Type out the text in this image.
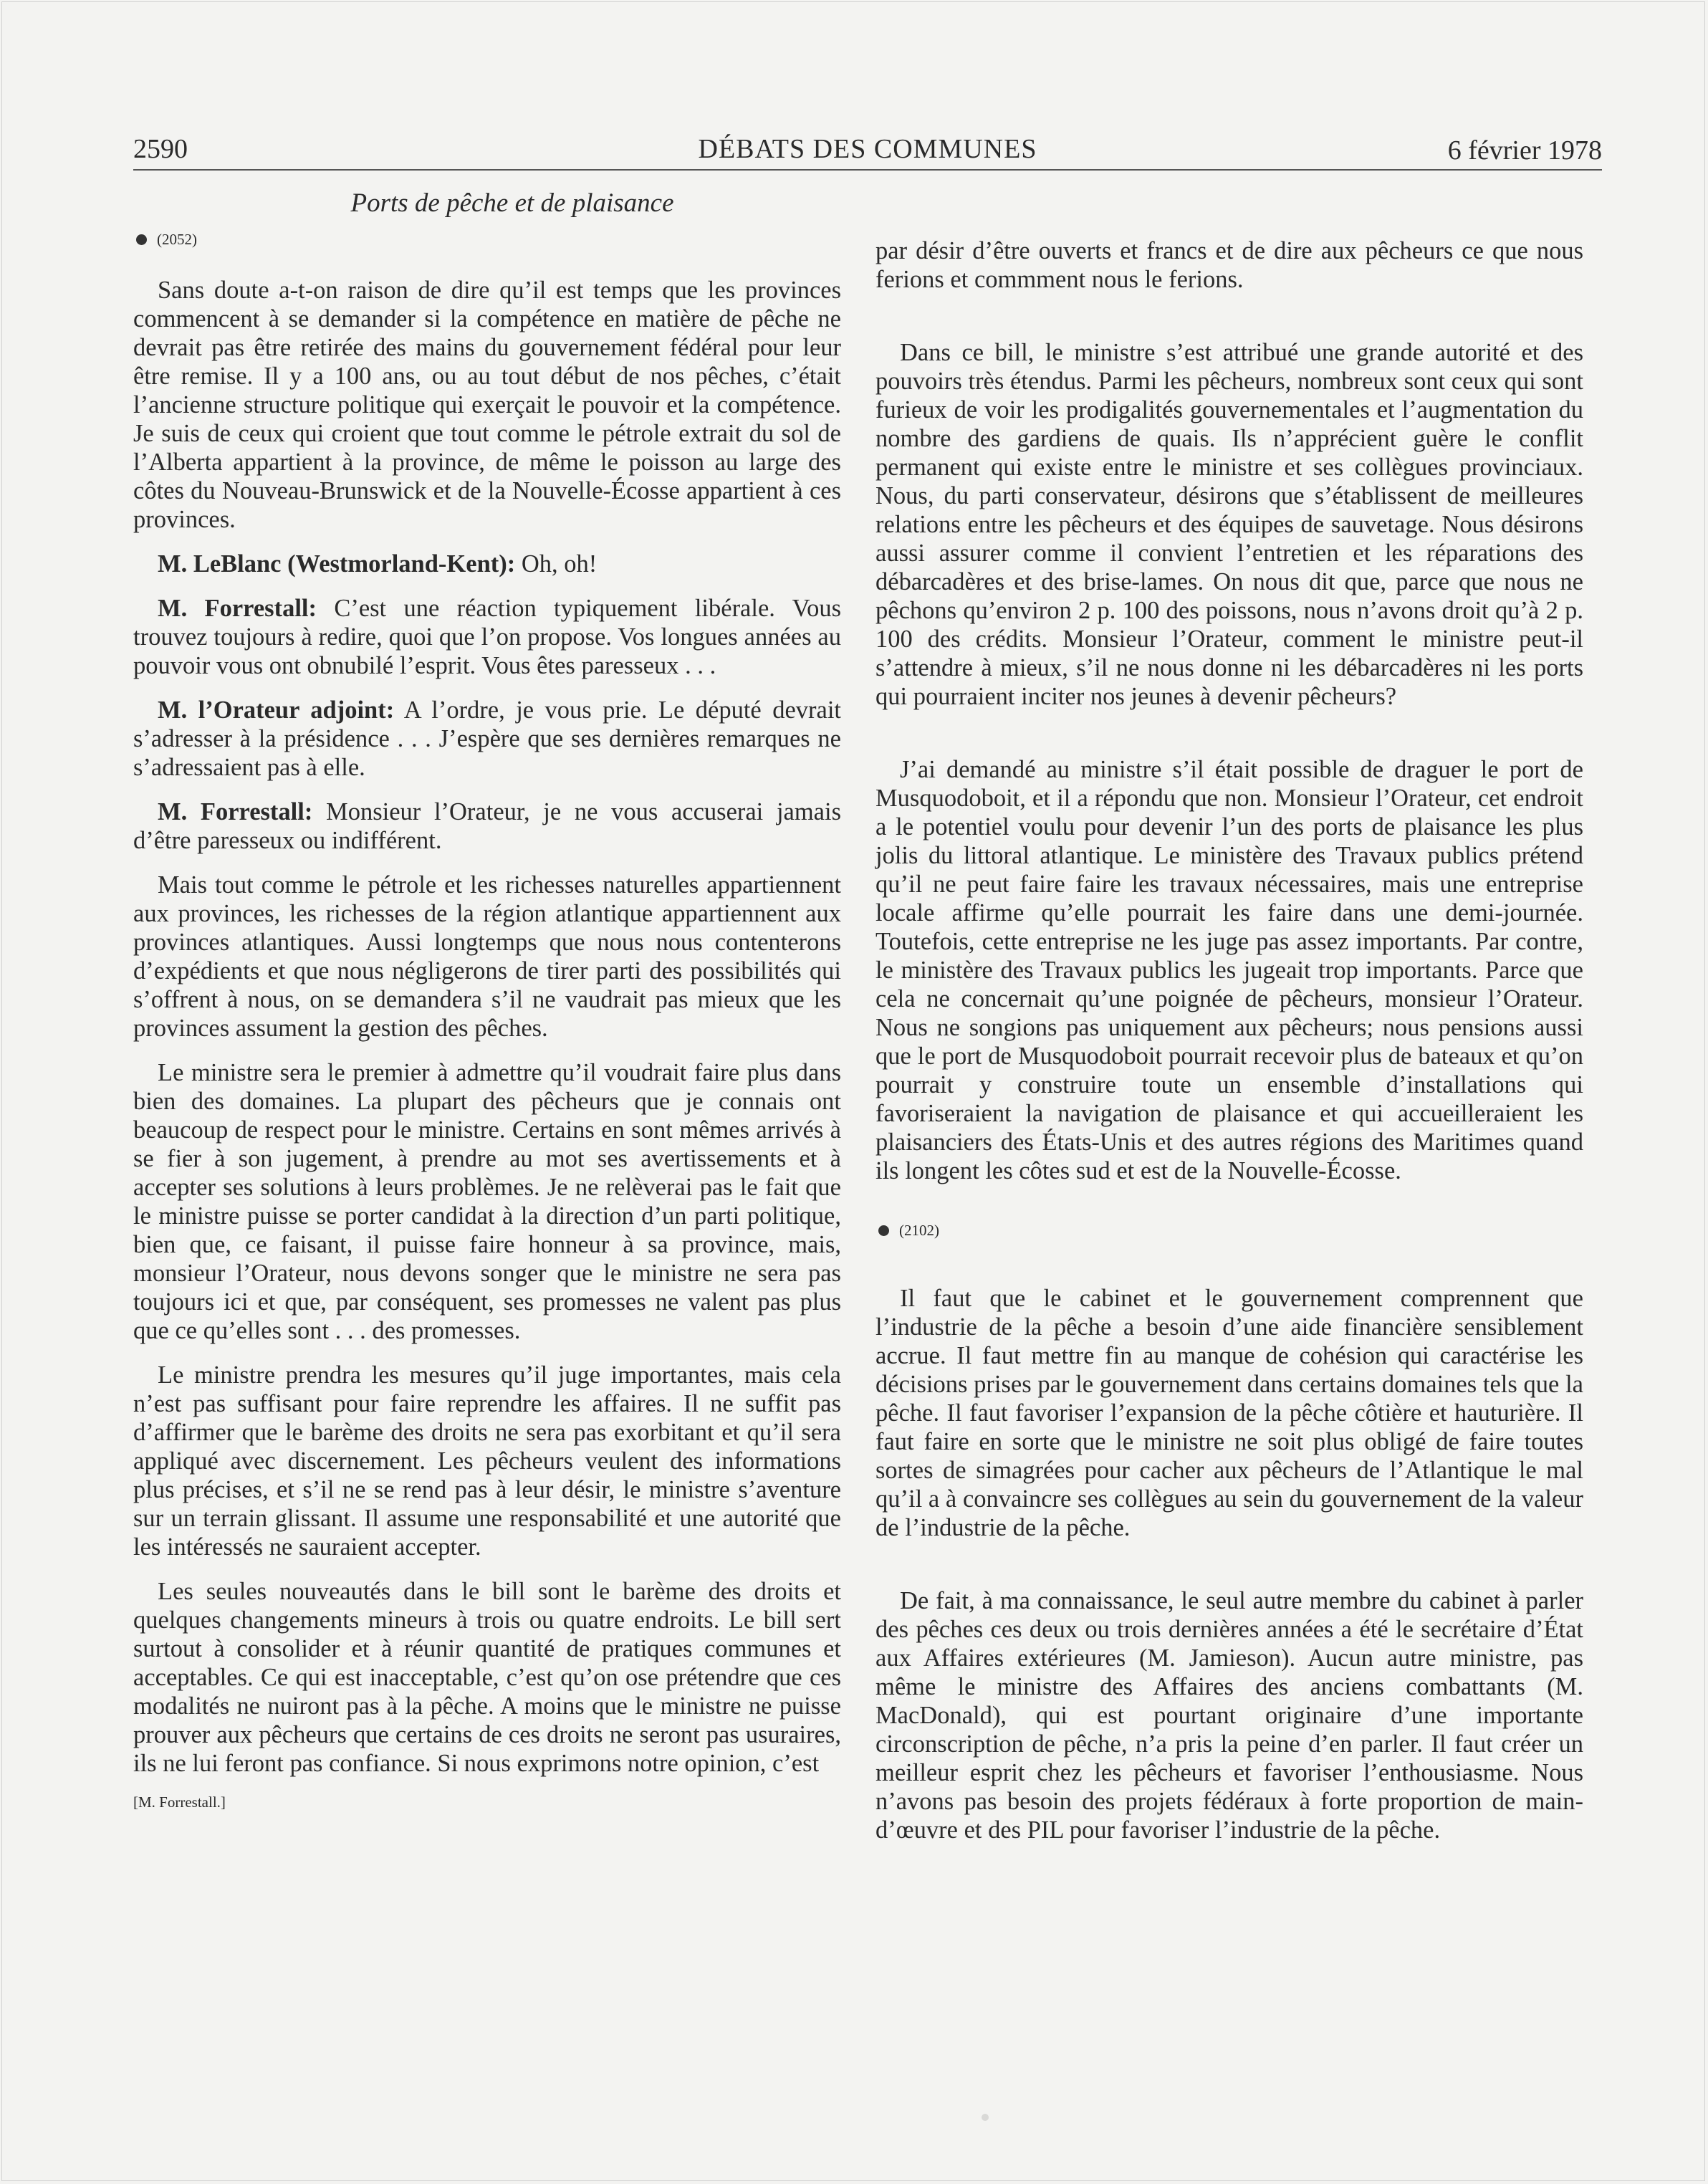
2590	DÉBATS DES COMMUNES	6 février 1978
Ports de pêche et de plaisance
(2052)

Sans doute a-t-on raison de dire qu’il est temps que les provinces commencent à se demander si la compétence en matière de pêche ne devrait pas être retirée des mains du gouvernement fédéral pour leur être remise. Il y a 100 ans, ou au tout début de nos pêches, c’était l’ancienne structure politique qui exerçait le pouvoir et la compétence. Je suis de ceux qui croient que tout comme le pétrole extrait du sol de l’Alberta appartient à la province, de même le poisson au large des côtes du Nouveau-Brunswick et de la Nouvelle-Écosse appartient à ces provinces.

M. LeBlanc (Westmorland-Kent): Oh, oh!

M. Forrestall: C’est une réaction typiquement libérale. Vous trouvez toujours à redire, quoi que l’on propose. Vos longues années au pouvoir vous ont obnubilé l’esprit. Vous êtes paresseux . . .

M. l’Orateur adjoint: A l’ordre, je vous prie. Le député devrait s’adresser à la présidence . . . J’espère que ses dernières remarques ne s’adressaient pas à elle.

M. Forrestall: Monsieur l’Orateur, je ne vous accuserai jamais d’être paresseux ou indifférent.

Mais tout comme le pétrole et les richesses naturelles appartiennent aux provinces, les richesses de la région atlantique appartiennent aux provinces atlantiques. Aussi longtemps que nous nous contenterons d’expédients et que nous négligerons de tirer parti des possibilités qui s’offrent à nous, on se demandera s’il ne vaudrait pas mieux que les provinces assument la gestion des pêches.

Le ministre sera le premier à admettre qu’il voudrait faire plus dans bien des domaines. La plupart des pêcheurs que je connais ont beaucoup de respect pour le ministre. Certains en sont mêmes arrivés à se fier à son jugement, à prendre au mot ses avertissements et à accepter ses solutions à leurs problèmes. Je ne relèverai pas le fait que le ministre puisse se porter candidat à la direction d’un parti politique, bien que, ce faisant, il puisse faire honneur à sa province, mais, monsieur l’Orateur, nous devons songer que le ministre ne sera pas toujours ici et que, par conséquent, ses promesses ne valent pas plus que ce qu’elles sont . . . des promesses.

Le ministre prendra les mesures qu’il juge importantes, mais cela n’est pas suffisant pour faire reprendre les affaires. Il ne suffit pas d’affirmer que le barème des droits ne sera pas exorbitant et qu’il sera appliqué avec discernement. Les pêcheurs veulent des informations plus précises, et s’il ne se rend pas à leur désir, le ministre s’aventure sur un terrain glissant. Il assume une responsabilité et une autorité que les intéressés ne sauraient accepter.

Les seules nouveautés dans le bill sont le barème des droits et quelques changements mineurs à trois ou quatre endroits. Le bill sert surtout à consolider et à réunir quantité de pratiques communes et acceptables. Ce qui est inacceptable, c’est qu’on ose prétendre que ces modalités ne nuiront pas à la pêche. A moins que le ministre ne puisse prouver aux pêcheurs que certains de ces droits ne seront pas usuraires, ils ne lui feront pas confiance. Si nous exprimons notre opinion, c’est

[M. Forrestall.]

par désir d’être ouverts et francs et de dire aux pêcheurs ce que nous ferions et commment nous le ferions.

Dans ce bill, le ministre s’est attribué une grande autorité et des pouvoirs très étendus. Parmi les pêcheurs, nombreux sont ceux qui sont furieux de voir les prodigalités gouvernementales et l’augmentation du nombre des gardiens de quais. Ils n’apprécient guère le conflit permanent qui existe entre le ministre et ses collègues provinciaux. Nous, du parti conservateur, désirons que s’établissent de meilleures relations entre les pêcheurs et des équipes de sauvetage. Nous désirons aussi assurer comme il convient l’entretien et les réparations des débarcadères et des brise-lames. On nous dit que, parce que nous ne pêchons qu’environ 2 p. 100 des poissons, nous n’avons droit qu’à 2 p. 100 des crédits. Monsieur l’Orateur, comment le ministre peut-il s’attendre à mieux, s’il ne nous donne ni les débarcadères ni les ports qui pourraient inciter nos jeunes à devenir pêcheurs?

J’ai demandé au ministre s’il était possible de draguer le port de Musquodoboit, et il a répondu que non. Monsieur l’Orateur, cet endroit a le potentiel voulu pour devenir l’un des ports de plaisance les plus jolis du littoral atlantique. Le ministère des Travaux publics prétend qu’il ne peut faire faire les travaux nécessaires, mais une entreprise locale affirme qu’elle pourrait les faire dans une demi-journée. Toutefois, cette entreprise ne les juge pas assez importants. Par contre, le ministère des Travaux publics les jugeait trop importants. Parce que cela ne concernait qu’une poignée de pêcheurs, monsieur l’Orateur. Nous ne songions pas uniquement aux pêcheurs; nous pensions aussi que le port de Musquodoboit pourrait recevoir plus de bateaux et qu’on pourrait y construire toute un ensemble d’installations qui favoriseraient la navigation de plaisance et qui accueilleraient les plaisanciers des États-Unis et des autres régions des Maritimes quand ils longent les côtes sud et est de la Nouvelle-Écosse.

(2102)

Il faut que le cabinet et le gouvernement comprennent que l’industrie de la pêche a besoin d’une aide financière sensiblement accrue. Il faut mettre fin au manque de cohésion qui caractérise les décisions prises par le gouvernement dans certains domaines tels que la pêche. Il faut favoriser l’expansion de la pêche côtière et hauturière. Il faut faire en sorte que le ministre ne soit plus obligé de faire toutes sortes de simagrées pour cacher aux pêcheurs de l’Atlantique le mal qu’il a à convaincre ses collègues au sein du gouvernement de la valeur de l’industrie de la pêche.

De fait, à ma connaissance, le seul autre membre du cabinet à parler des pêches ces deux ou trois dernières années a été le secrétaire d’État aux Affaires extérieures (M. Jamieson). Aucun autre ministre, pas même le ministre des Affaires des anciens combattants (M. MacDonald), qui est pourtant originaire d’une importante circonscription de pêche, n’a pris la peine d’en parler. Il faut créer un meilleur esprit chez les pêcheurs et favoriser l’enthousiasme. Nous n’avons pas besoin des projets fédéraux à forte proportion de main-d’œuvre et des PIL pour favoriser l’industrie de la pêche.
